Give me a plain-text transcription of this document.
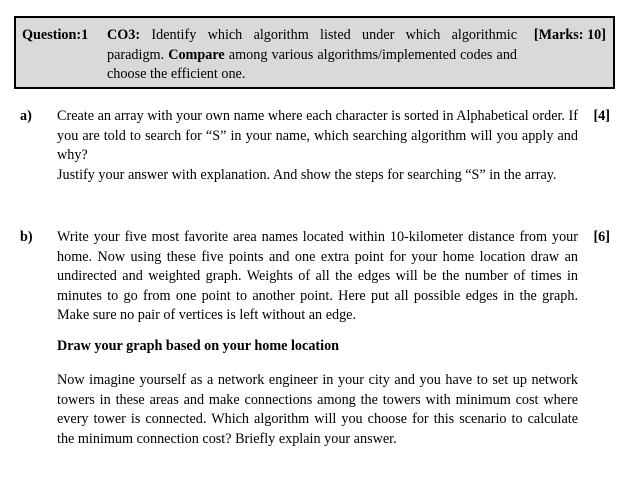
Question:1 CO3: Identify which algorithm listed under which algorithmic paradigm. Compare among various algorithms/implemented codes and choose the efficient one.
[Marks: 10]
a)	[4]

Create an array with your own name where each character is sorted in Alphabetical order. If you are told to search for “S” in your name, which searching algorithm will you apply and why?

Justify your answer with explanation. And show the steps for searching “S” in the array.

b)	[6]

Write your five most favorite area names located within 10-kilometer distance from your home. Now using these five points and one extra point for your home location draw an undirected and weighted graph. Weights of all the edges will be the number of times in minutes to go from one point to another point. Here put all possible edges in the graph. Make sure no pair of vertices is left without an edge.

Draw your graph based on your home location

Now imagine yourself as a network engineer in your city and you have to set up network towers in these areas and make connections among the towers with minimum cost where every tower is connected. Which algorithm will you choose for this scenario to calculate the minimum connection cost? Briefly explain your answer.
